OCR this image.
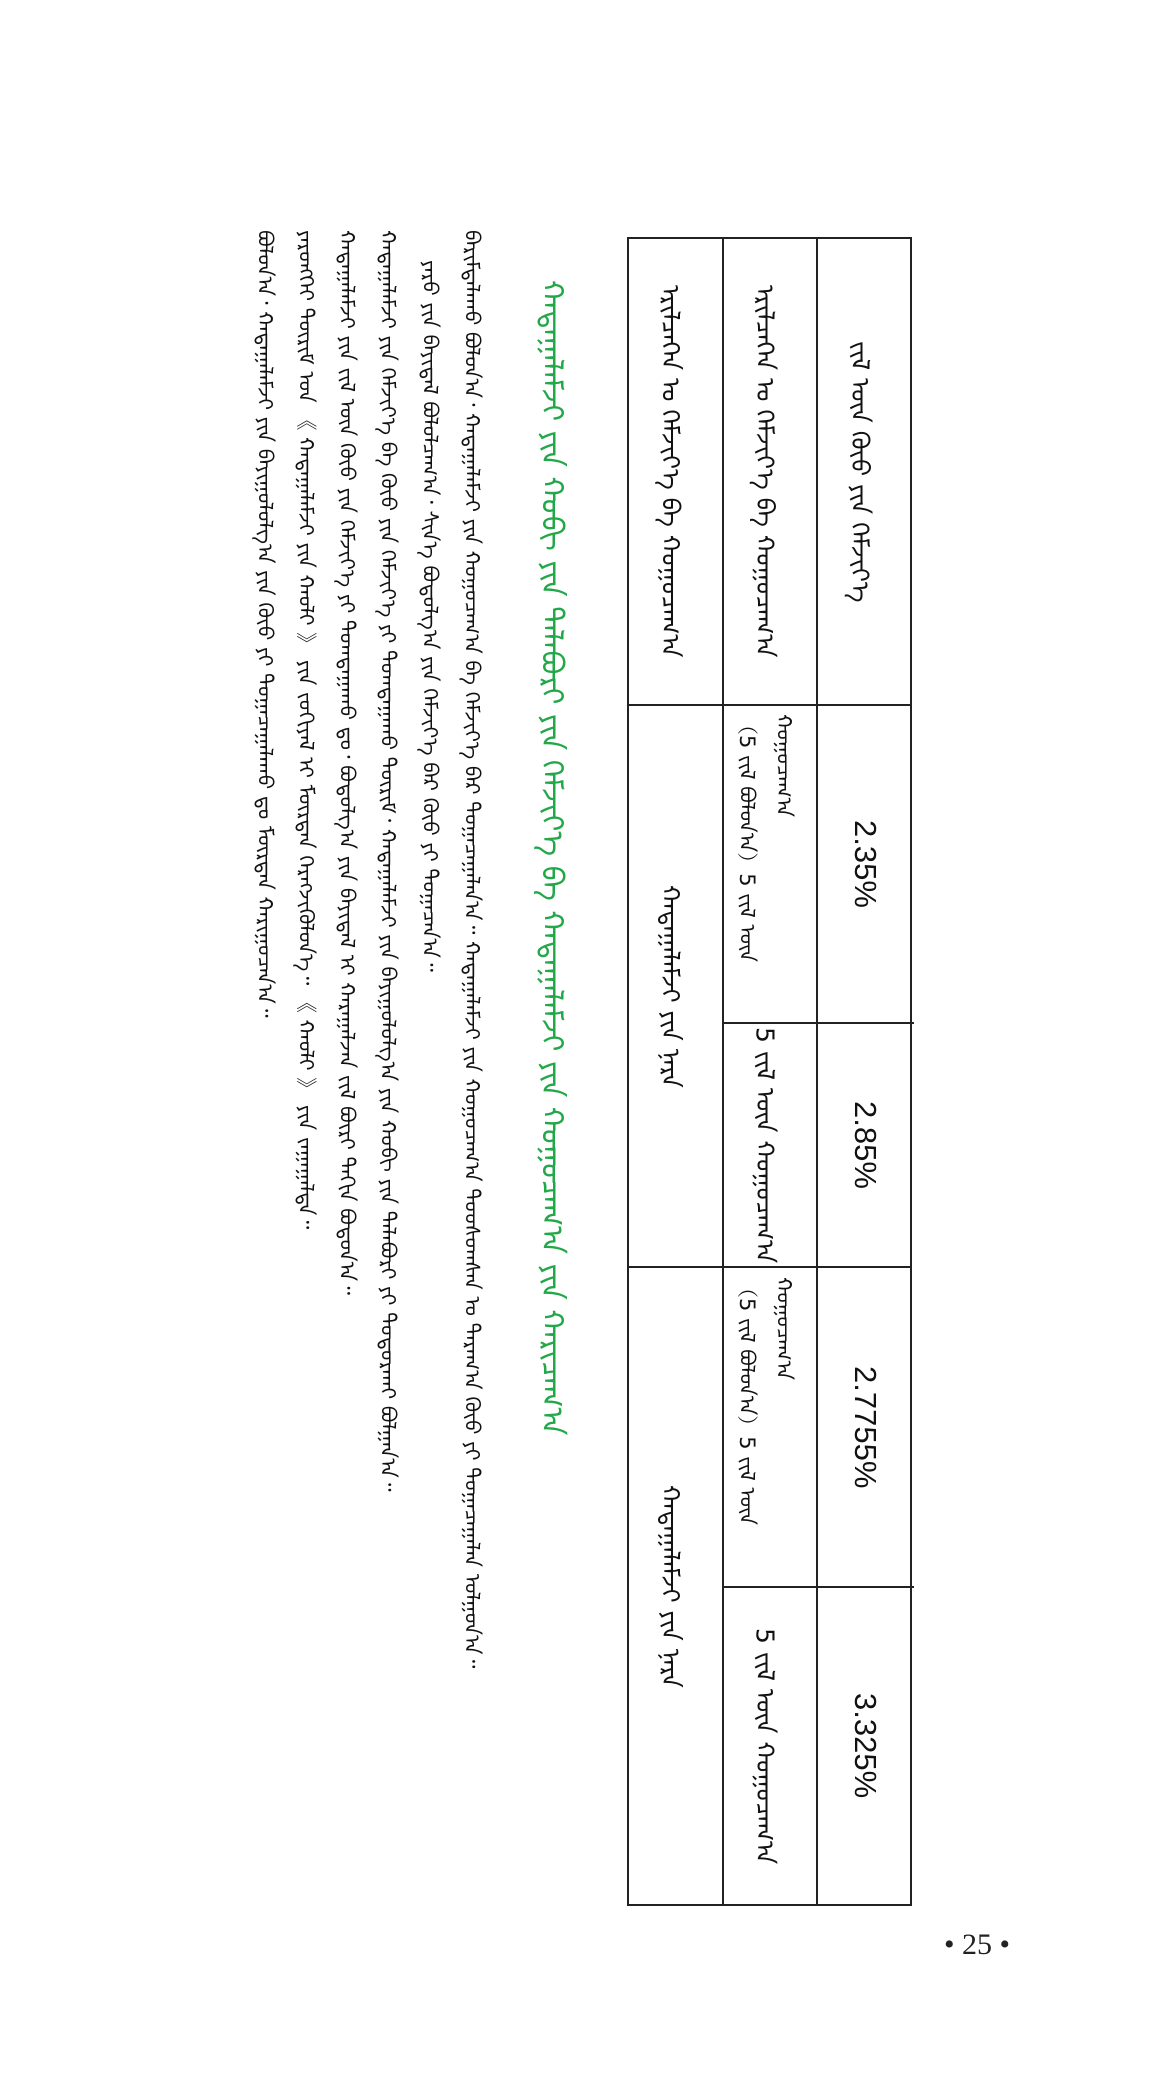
ᠡᠷᠢᠯᠴᠡᠭᠡᠨ ᠤ ᠬᠡᠮᠵᠢᠶ᠎ᠡ ᠪᠠ ᠬᠤᠭᠤᠴᠠᠭ᠎ᠠ	ᠡᠷᠢᠯᠴᠡᠭᠡᠨ ᠤ ᠬᠡᠮᠵᠢᠶ᠎ᠡ ᠪᠠ ᠬᠤᠭᠤᠴᠠᠭ᠎ᠠ	ᠵᠢᠯ ᠦᠨ ᠬᠦᠦ ᠶᠢᠨ ᠬᠡᠮᠵᠢᠶ᠎ᠡ
ᠬᠠᠳᠠᠭᠠᠯᠠᠮᠵᠢ ᠶᠢᠨ ᠨᠡᠷᠡ
ᠬᠠᠳᠠᠭᠠᠯᠠᠮᠵᠢ ᠶᠢᠨ ᠨᠡᠷᠡ
（5 ᠵᠢᠯ ᠪᠣᠯᠣᠨ᠎ᠠ）5 ᠵᠢᠯ ᠦᠨ ᠬᠤᠭᠤᠴᠠᠭ᠎ᠠ
5 ᠵᠢᠯ ᠦᠨ ᠬᠤᠭᠤᠴᠠᠭ᠎ᠠ
（5 ᠵᠢᠯ ᠪᠣᠯᠣᠨ᠎ᠠ）5 ᠵᠢᠯ ᠦᠨ ᠬᠤᠭᠤᠴᠠᠭ᠎ᠠ
5 ᠵᠢᠯ ᠦᠨ ᠬᠤᠭᠤᠴᠠᠭ᠎ᠠ
2.35%
2.85%
2.7755%
3.325%
ᠬᠠᠳᠠᠭᠠᠯᠠᠮᠵᠢ ᠶᠢᠨ ᠬᠤᠪᠢ ᠶᠢᠨ ᠲᠠᠯᠠᠪᠤᠷᠢ ᠶᠢᠨ ᠬᠡᠮᠵᠢᠶ᠎ᠡ ᠪᠠ ᠬᠠᠳᠠᠭᠠᠯᠠᠮᠵᠢ ᠶᠢᠨ ᠬᠤᠭᠤᠴᠠᠭ᠎ᠠ ᠶᠢᠨ ᠬᠠᠷᠢᠴᠠᠭ᠎ᠠ
ᠪᠠᠷᠢᠮᠲᠠᠯᠠᠬᠤ ᠪᠣᠯᠤᠨ᠎ᠠ᠂ ᠬᠠᠳᠠᠭᠠᠯᠠᠮᠵᠢ ᠶᠢᠨ ᠬᠤᠭᠤᠴᠠᠭ᠎ᠠ ᠪᠠ ᠬᠡᠮᠵᠢᠶ᠎ᠡ ᠪᠡᠷ ᠲᠣᠭᠠᠴᠠᠭᠠᠯᠠᠨ᠎ᠠ᠃ ᠬᠠᠳᠠᠭᠠᠯᠠᠮᠵᠢ ᠶᠢᠨ ᠬᠤᠭᠤᠴᠠᠭ᠎ᠠ ᠳᠤᠤᠰᠤᠭᠰᠠᠨ ᠤ ᠳᠠᠷᠠᠭ᠎ᠠ ᠬᠦᠦ ᠶᠢ ᠲᠣᠭᠠᠴᠠᠭᠠᠯᠠᠨ ᠣᠯᠭᠣᠨ᠎ᠠ᠃
ᠶᠡᠷᠦ ᠶᠢᠨ ᠪᠠᠶᠢᠳᠠᠯ ᠪᠣᠯᠣᠯᠴᠠᠭ᠎ᠠ᠂ ᠰᠢᠨ᠎ᠡ ᠪᠣᠳᠤᠯᠭ᠎ᠠ ᠶᠢᠨ ᠬᠡᠮᠵᠢᠶ᠎ᠡ ᠪᠡᠷ ᠬᠦᠦ ᠶᠢ ᠲᠣᠭᠠᠴᠠᠨ᠎ᠠ᠃
ᠬᠠᠳᠠᠭᠠᠯᠠᠮᠵᠢ ᠶᠢᠨ ᠬᠡᠮᠵᠢᠶ᠎ᠡ ᠪᠠ ᠬᠦᠦ ᠶᠢᠨ ᠬᠡᠮᠵᠢᠶ᠎ᠡ ᠶᠢ ᠲᠣᠭᠲᠠᠭᠠᠬᠤ ᠳᠦᠷᠢᠮ᠂ ᠬᠠᠳᠠᠭᠠᠯᠠᠮᠵᠢ ᠶᠢᠨ ᠪᠠᠶᠢᠭᠤᠯᠤᠯᠭ᠎ᠠ ᠶᠢᠨ ᠬᠤᠪᠢ ᠶᠢᠨ ᠲᠠᠯᠠᠪᠤᠷᠢ ᠶᠢ ᠲᠣᠳᠣᠷᠬᠠᠶ ᠪᠣᠯᠭᠠᠨ᠎ᠠ᠃
ᠬᠠᠳᠠᠭᠠᠯᠠᠮᠵᠢ ᠶᠢᠨ ᠵᠢᠯ ᠦᠨ ᠬᠦᠦ ᠶᠢᠨ ᠬᠡᠮᠵᠢᠶ᠎ᠡ ᠶᠢ ᠲᠣᠭᠲᠠᠭᠠᠬᠤ ᠳᠤ᠂ ᠪᠣᠳᠤᠯᠭ᠎ᠠ ᠶᠢᠨ ᠪᠠᠶᠢᠳᠠᠯ ᠢ ᠬᠠᠷᠠᠭᠠᠯᠵᠠᠨ ᠵᠢᠯ ᠪᠦᠷᠢ ᠳᠠᠬᠢᠨ ᠪᠣᠳᠤᠨ᠎ᠠ᠃
ᠶᠡᠷᠦᠩᠬᠡᠢ ᠳᠦᠷᠢᠮ ᠤᠨ 《 ᠬᠠᠳᠠᠭᠠᠯᠠᠮᠵᠢ ᠶᠢᠨ ᠬᠠᠤᠯᠢ 》 ᠶᠢᠨ ᠵᠣᠬᠢᠶᠠᠯ ᠢ ᠮᠥᠷᠳᠡᠨ ᠬᠡᠷᠡᠭᠵᠢᠭᠦᠯᠦᠨ᠎ᠡ᠃ 《 ᠬᠠᠤᠯᠢ 》 ᠶᠢᠨ ᠵᠠᠭᠠᠭᠠᠯᠲᠠ᠃
ᠪᠣᠯᠣᠨ᠎ᠠ᠂ ᠬᠠᠳᠠᠭᠠᠯᠠᠮᠵᠢ ᠶᠢᠨ ᠪᠠᠶᠢᠭᠤᠯᠤᠯᠭ᠎ᠠ ᠶᠢᠨ ᠬᠦᠦ ᠶᠢ ᠲᠣᠭᠠᠴᠠᠭᠠᠯᠠᠬᠤ ᠳᠤ ᠮᠥᠷᠳᠡᠨ ᠬᠠᠷᠢᠭᠤᠴᠠᠨ᠎ᠠ᠃
• 25 •
